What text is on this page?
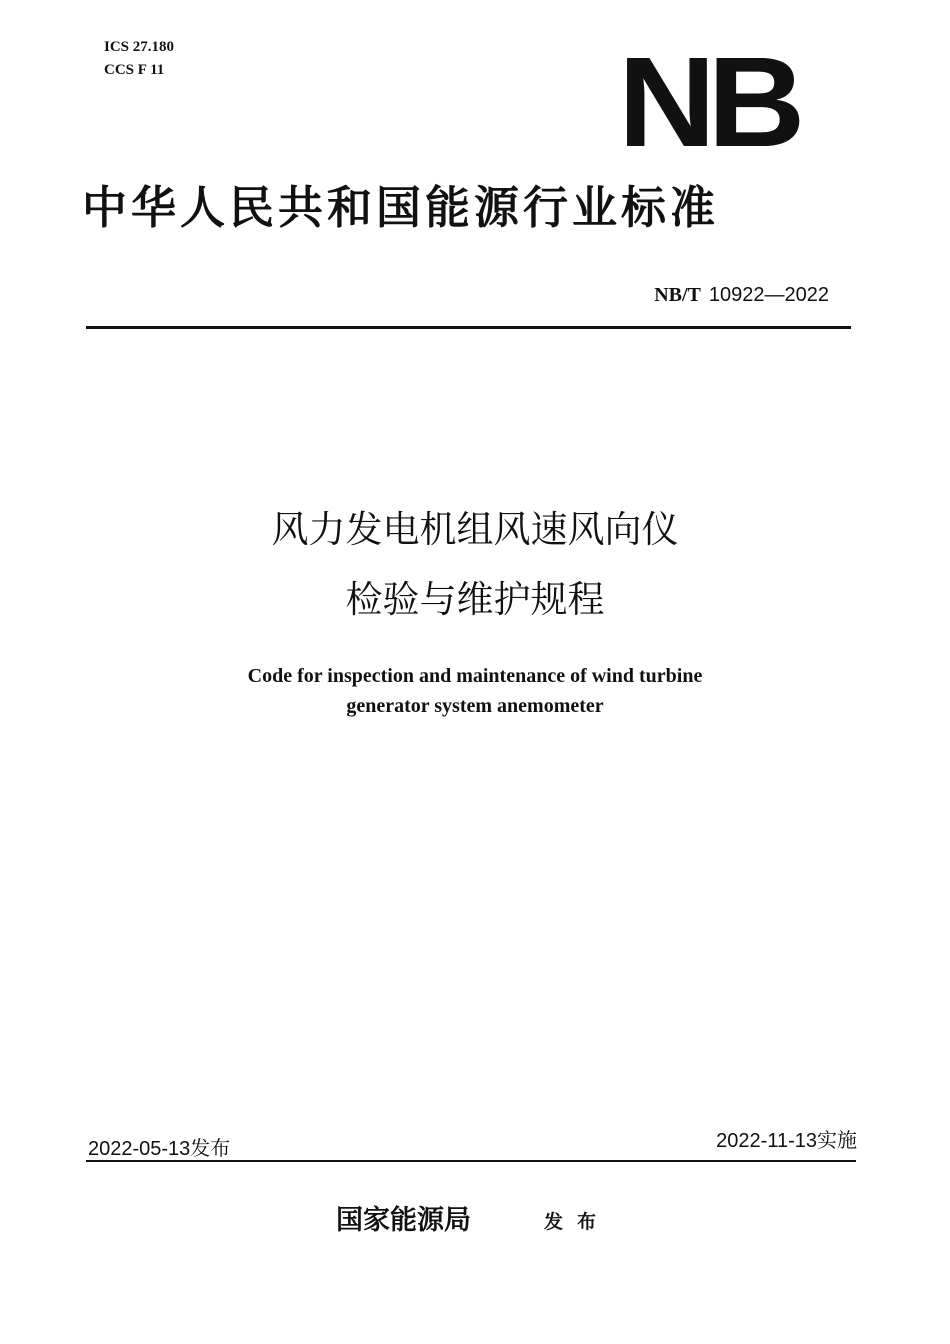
ICS 27.180
CCS F 11	NB
中华人民共和国能源行业标准
NB/T 10922—2022
风力发电机组风速风向仪
检验与维护规程
Code for inspection and maintenance of wind turbine
generator system anemometer
2022-05-13发布	2022-11-13实施
国家能源局	发布
